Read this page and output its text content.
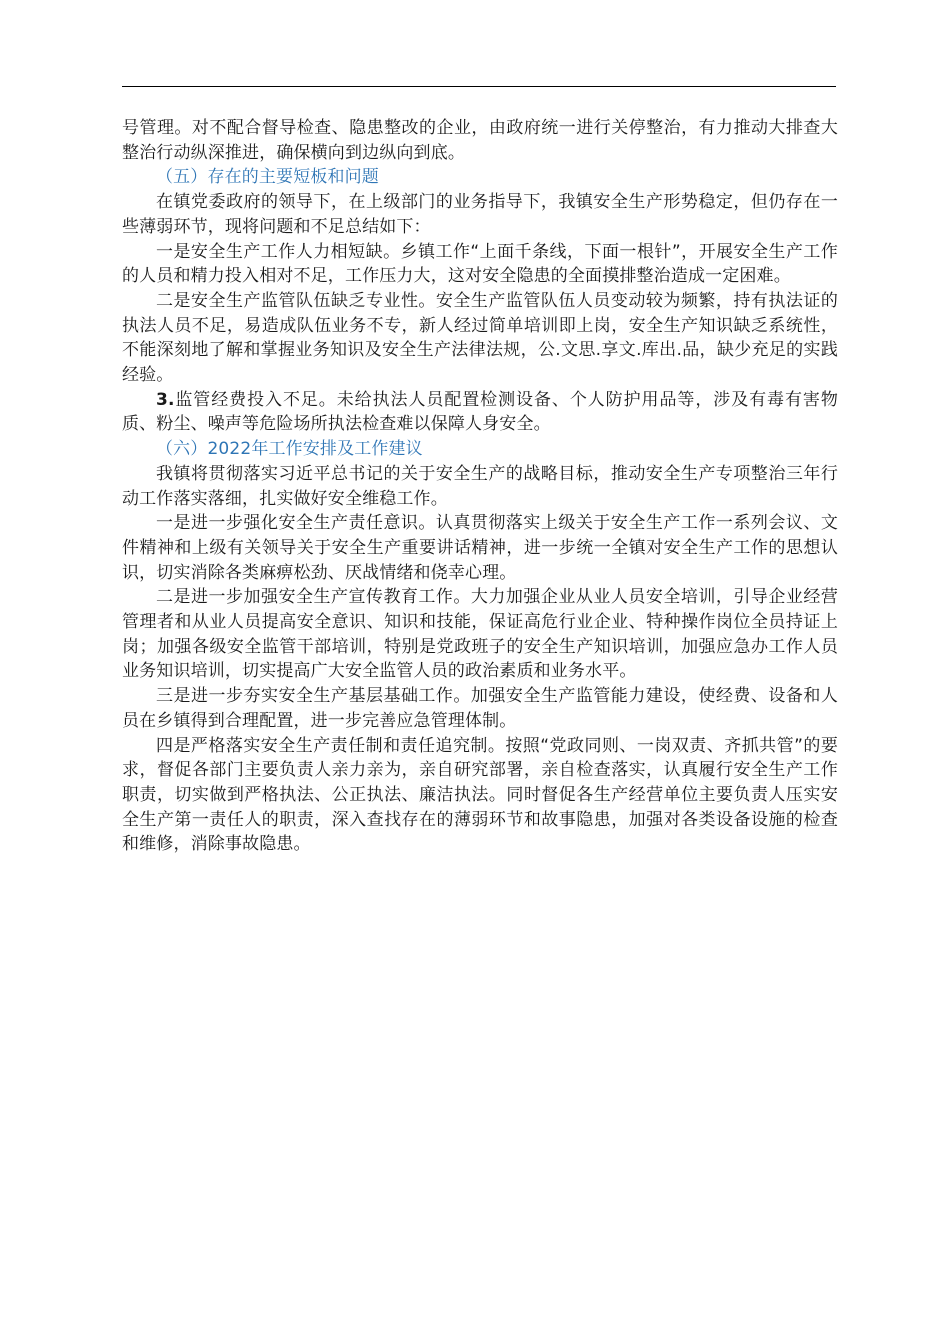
号管理。对不配合督导检查、隐患整改的企业，由政府统一进行关停整治，有力推动大排查大整治行动纵深推进，确保横向到边纵向到底。

（五）存在的主要短板和问题

在镇党委政府的领导下，在上级部门的业务指导下，我镇安全生产形势稳定，但仍存在一些薄弱环节，现将问题和不足总结如下：

一是安全生产工作人力相短缺。乡镇工作“上面千条线，下面一根针”，开展安全生产工作的人员和精力投入相对不足，工作压力大，这对安全隐患的全面摸排整治造成一定困难。

二是安全生产监管队伍缺乏专业性。安全生产监管队伍人员变动较为频繁，持有执法证的执法人员不足，易造成队伍业务不专，新人经过简单培训即上岗，安全生产知识缺乏系统性，不能深刻地了解和掌握业务知识及安全生产法律法规，公.文思.享文.库出.品，缺少充足的实践经验。

3.监管经费投入不足。未给执法人员配置检测设备、个人防护用品等，涉及有毒有害物质、粉尘、噪声等危险场所执法检查难以保障人身安全。

（六）2022年工作安排及工作建议

我镇将贯彻落实习近平总书记的关于安全生产的战略目标，推动安全生产专项整治三年行动工作落实落细，扎实做好安全维稳工作。

一是进一步强化安全生产责任意识。认真贯彻落实上级关于安全生产工作一系列会议、文件精神和上级有关领导关于安全生产重要讲话精神，进一步统一全镇对安全生产工作的思想认识，切实消除各类麻痹松劲、厌战情绪和侥幸心理。

二是进一步加强安全生产宣传教育工作。大力加强企业从业人员安全培训，引导企业经营管理者和从业人员提高安全意识、知识和技能，保证高危行业企业、特种操作岗位全员持证上岗；加强各级安全监管干部培训，特别是党政班子的安全生产知识培训，加强应急办工作人员业务知识培训，切实提高广大安全监管人员的政治素质和业务水平。

三是进一步夯实安全生产基层基础工作。加强安全生产监管能力建设，使经费、设备和人员在乡镇得到合理配置，进一步完善应急管理体制。

四是严格落实安全生产责任制和责任追究制。按照“党政同则、一岗双责、齐抓共管”的要求，督促各部门主要负责人亲力亲为，亲自研究部署，亲自检查落实，认真履行安全生产工作职责，切实做到严格执法、公正执法、廉洁执法。同时督促各生产经营单位主要负责人压实安全生产第一责任人的职责，深入查找存在的薄弱环节和故事隐患，加强对各类设备设施的检查和维修，消除事故隐患。
